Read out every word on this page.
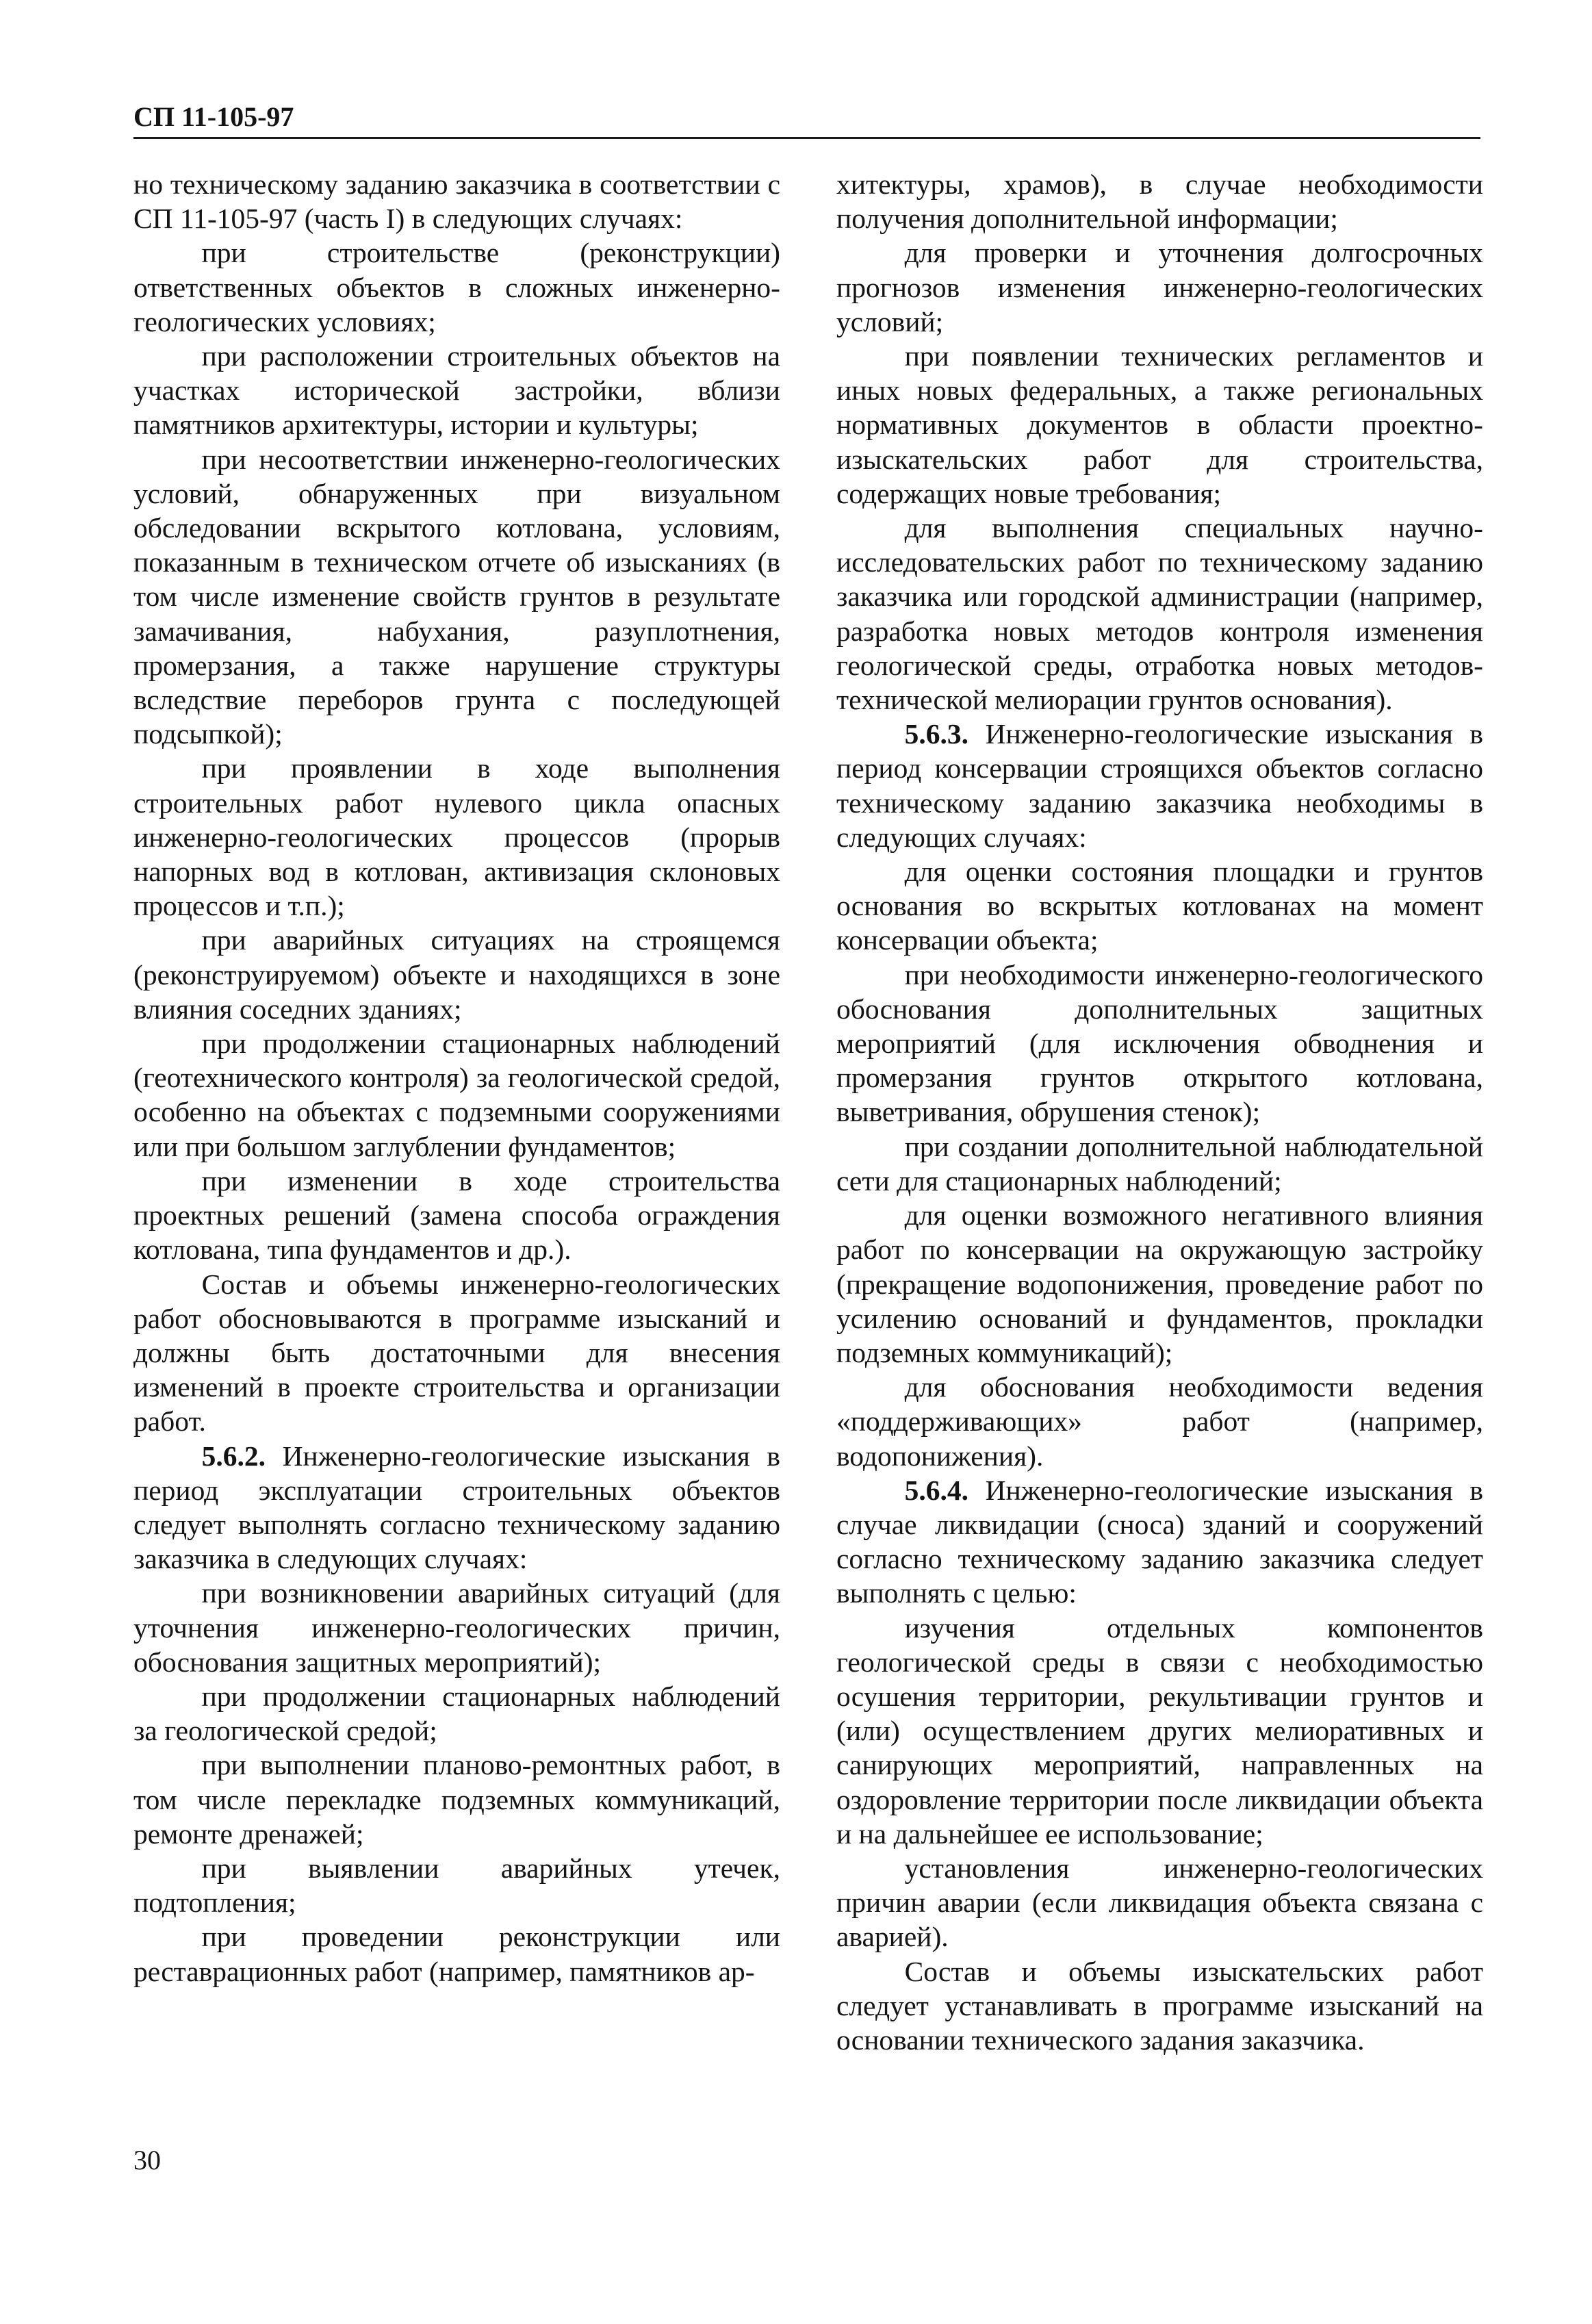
СП 11-105-97

но техническому заданию заказчика в соответствии с СП 11-105-97 (часть I) в следующих случаях:

при строительстве (реконструкции) ответственных объектов в сложных инженерно-геологических условиях;

при расположении строительных объектов на участках исторической застройки, вблизи памятников архитектуры, истории и культуры;

при несоответствии инженерно-геологических условий, обнаруженных при визуальном обследовании вскрытого котлована, условиям, показанным в техническом отчете об изысканиях (в том числе изменение свойств грунтов в результате замачивания, набухания, разуплотнения, промерзания, а также нарушение структуры вследствие переборов грунта с последующей подсыпкой);

при проявлении в ходе выполнения строительных работ нулевого цикла опасных инженерно-геологических процессов (прорыв напорных вод в котлован, активизация склоновых процессов и т.п.);

при аварийных ситуациях на строящемся (реконструируемом) объекте и находящихся в зоне влияния соседних зданиях;

при продолжении стационарных наблюдений (геотехнического контроля) за геологической средой, особенно на объектах с подземными сооружениями или при большом заглублении фундаментов;

при изменении в ходе строительства проектных решений (замена способа ограждения котлована, типа фундаментов и др.).

Состав и объемы инженерно-геологических работ обосновываются в программе изысканий и должны быть достаточными для внесения изменений в проекте строительства и организации работ.

5.6.2. Инженерно-геологические изыскания в период эксплуатации строительных объектов следует выполнять согласно техническому заданию заказчика в следующих случаях:

при возникновении аварийных ситуаций (для уточнения инженерно-геологических причин, обоснования защитных мероприятий);

при продолжении стационарных наблюдений за геологической средой;

при выполнении планово-ремонтных работ, в том числе перекладке подземных коммуникаций, ремонте дренажей;

при выявлении аварийных утечек, подтопления;

при проведении реконструкции или реставрационных работ (например, памятников ар-

хитектуры, храмов), в случае необходимости получения дополнительной информации;

для проверки и уточнения долгосрочных прогнозов изменения инженерно-геологических условий;

при появлении технических регламентов и иных новых федеральных, а также региональных нормативных документов в области проектно-изыскательских работ для строительства, содержащих новые требования;

для выполнения специальных научно-исследовательских работ по техническому заданию заказчика или городской администрации (например, разработка новых методов контроля изменения геологической среды, отработка новых методов-технической мелиорации грунтов основания).

5.6.3. Инженерно-геологические изыскания в период консервации строящихся объектов согласно техническому заданию заказчика необходимы в следующих случаях:

для оценки состояния площадки и грунтов основания во вскрытых котлованах на момент консервации объекта;

при необходимости инженерно-геологического обоснования дополнительных защитных мероприятий (для исключения обводнения и промерзания грунтов открытого котлована, выветривания, обрушения стенок);

при создании дополнительной наблюдательной сети для стационарных наблюдений;

для оценки возможного негативного влияния работ по консервации на окружающую застройку (прекращение водопонижения, проведение работ по усилению оснований и фундаментов, прокладки подземных коммуникаций);

для обоснования необходимости ведения «поддерживающих» работ (например, водопонижения).

5.6.4. Инженерно-геологические изыскания в случае ликвидации (сноса) зданий и сооружений согласно техническому заданию заказчика следует выполнять с целью:

изучения отдельных компонентов геологической среды в связи с необходимостью осушения территории, рекультивации грунтов и (или) осуществлением других мелиоративных и санирующих мероприятий, направленных на оздоровление территории после ликвидации объекта и на дальнейшее ее использование;

установления инженерно-геологических причин аварии (если ликвидация объекта связана с аварией).

Состав и объемы изыскательских работ следует устанавливать в программе изысканий на основании технического задания заказчика.

30
